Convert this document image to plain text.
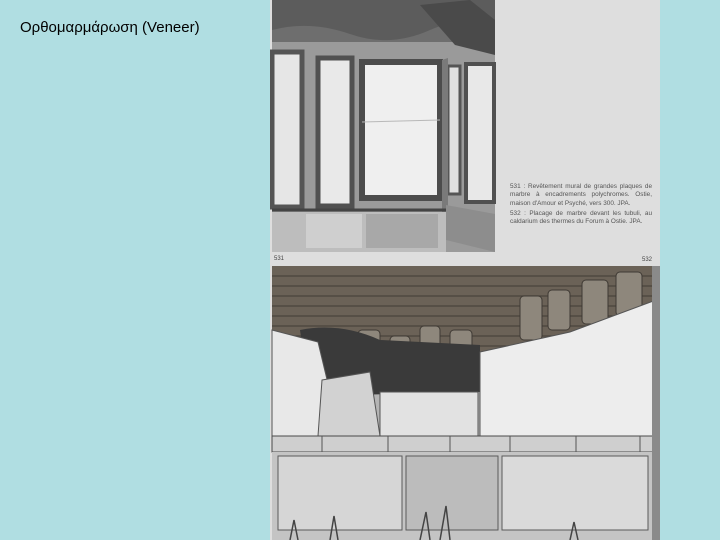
Ορθομαρμάρωση (Veneer)

531 : Revêtement mural de grandes plaques de marbre à encadrements polychromes. Ostie, maison d'Amour et Psyché, vers 300. JPA.

532 : Placage de marbre devant les tubuli, au caldarium des thermes du Forum à Ostie. JPA.

531	532
